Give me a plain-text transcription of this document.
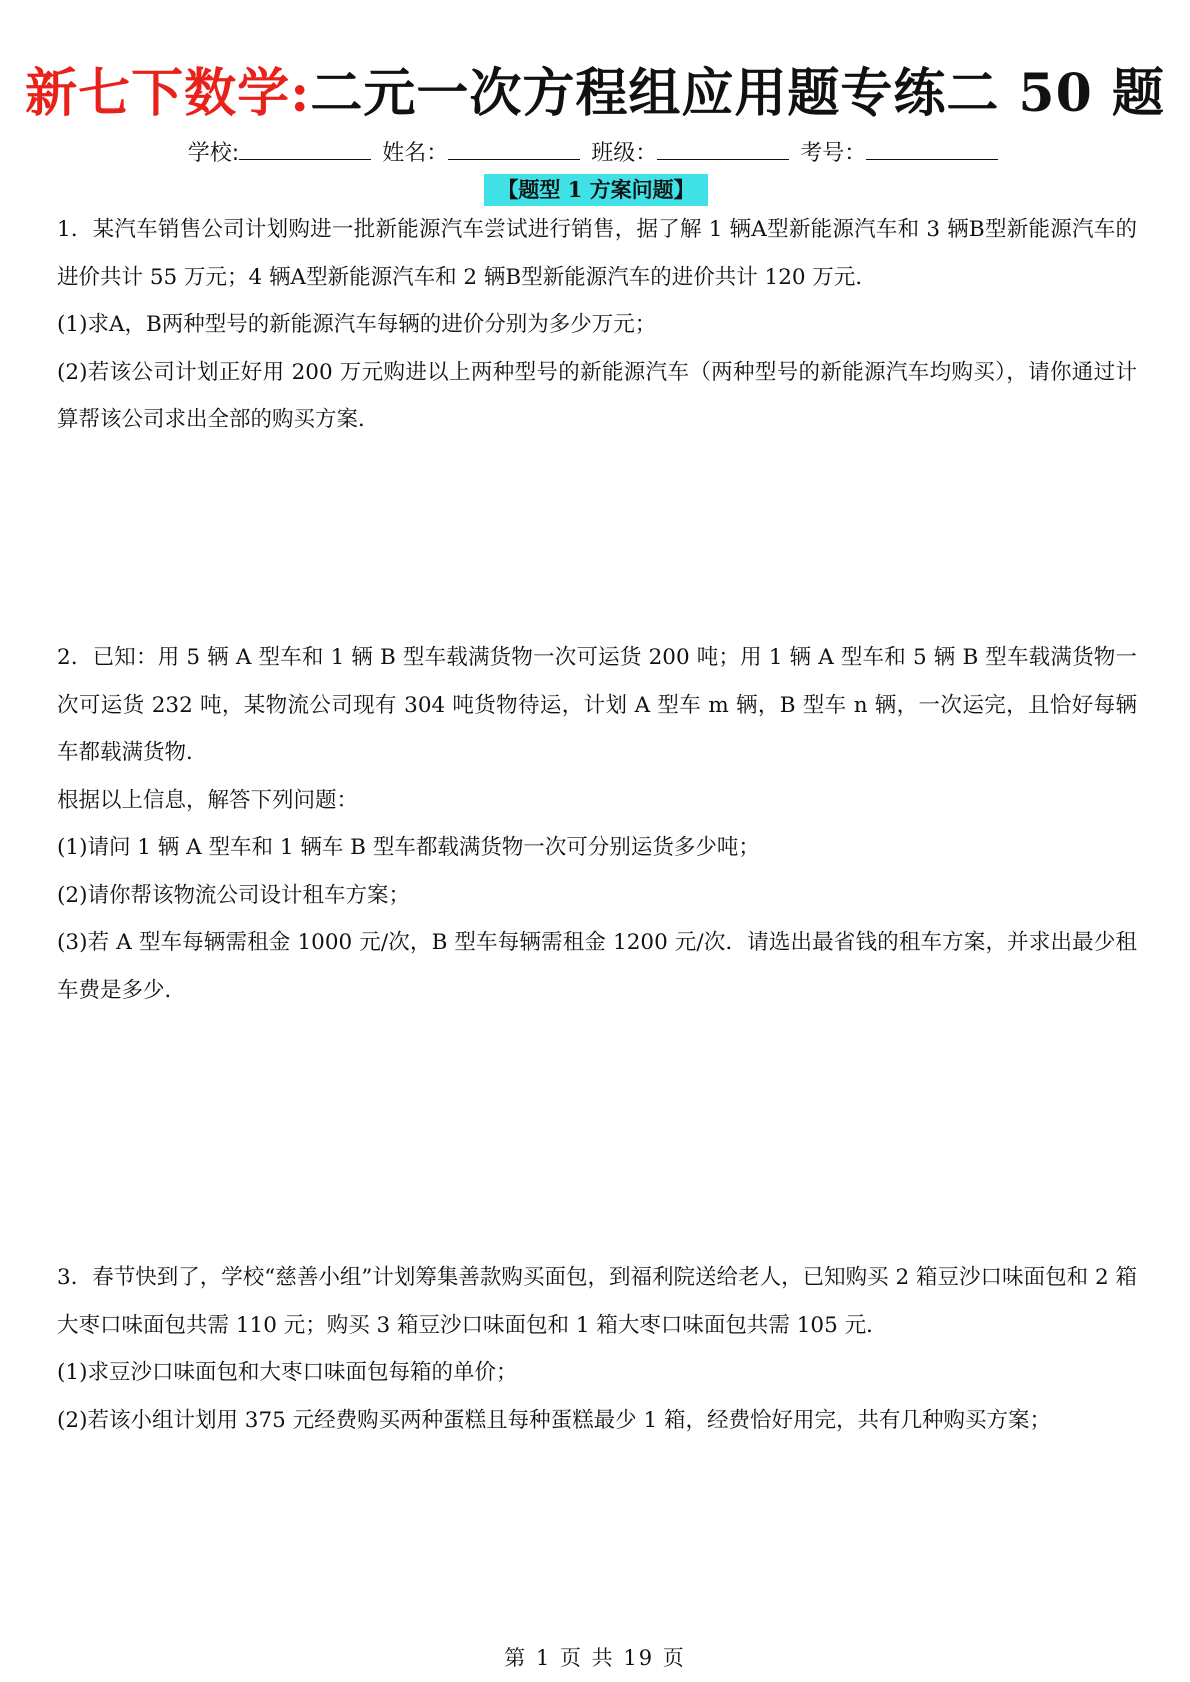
新七下数学:二元一次方程组应用题专练二 50 题
学校:	姓名：	班级：	考号：
【题型 1 方案问题】

1．某汽车销售公司计划购进一批新能源汽车尝试进行销售，据了解 1 辆A型新能源汽车和 3 辆B型新能源汽车的进价共计 55 万元；4 辆A型新能源汽车和 2 辆B型新能源汽车的进价共计 120 万元．

(1)求A，B两种型号的新能源汽车每辆的进价分别为多少万元；

(2)若该公司计划正好用 200 万元购进以上两种型号的新能源汽车（两种型号的新能源汽车均购买），请你通过计算帮该公司求出全部的购买方案．

2．已知：用 5 辆 A 型车和 1 辆 B 型车载满货物一次可运货 200 吨；用 1 辆 A 型车和 5 辆 B 型车载满货物一次可运货 232 吨，某物流公司现有 304 吨货物待运，计划 A 型车 m 辆，B 型车 n 辆，一次运完，且恰好每辆车都载满货物．

根据以上信息，解答下列问题：

(1)请问 1 辆 A 型车和 1 辆车 B 型车都载满货物一次可分别运货多少吨；

(2)请你帮该物流公司设计租车方案；

(3)若 A 型车每辆需租金 1000 元/次，B 型车每辆需租金 1200 元/次．请选出最省钱的租车方案，并求出最少租车费是多少．

3．春节快到了，学校“慈善小组”计划筹集善款购买面包，到福利院送给老人，已知购买 2 箱豆沙口味面包和 2 箱大枣口味面包共需 110 元；购买 3 箱豆沙口味面包和 1 箱大枣口味面包共需 105 元．

(1)求豆沙口味面包和大枣口味面包每箱的单价；

(2)若该小组计划用 375 元经费购买两种蛋糕且每种蛋糕最少 1 箱，经费恰好用完，共有几种购买方案；

第 1 页 共 19 页
